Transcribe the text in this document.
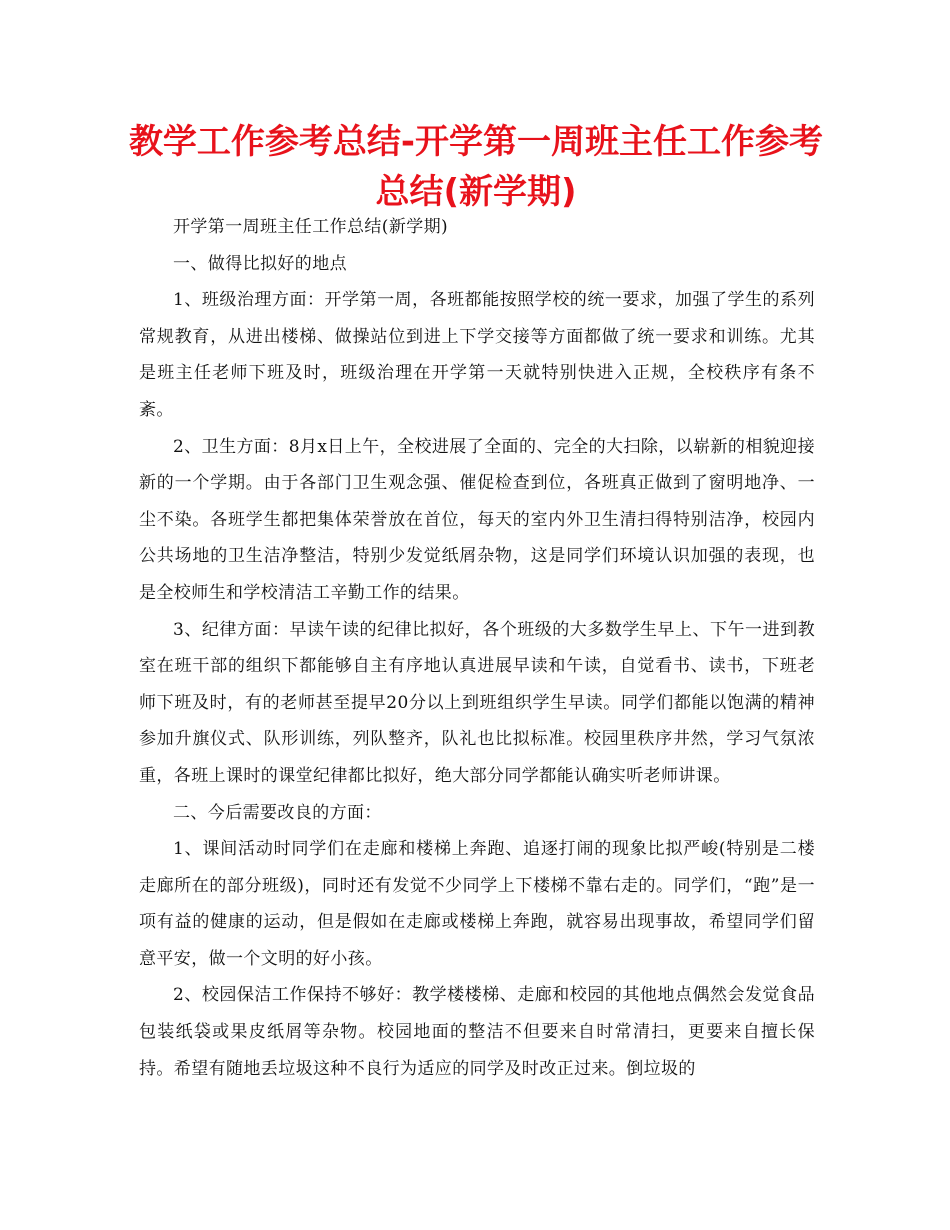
教学工作参考总结-开学第一周班主任工作参考总结(新学期)

开学第一周班主任工作总结(新学期)

一、做得比拟好的地点

1、班级治理方面：开学第一周，各班都能按照学校的统一要求，加强了学生的系列常规教育，从进出楼梯、做操站位到进上下学交接等方面都做了统一要求和训练。尤其是班主任老师下班及时，班级治理在开学第一天就特别快进入正规，全校秩序有条不紊。

2、卫生方面：8月x日上午，全校进展了全面的、完全的大扫除，以崭新的相貌迎接新的一个学期。由于各部门卫生观念强、催促检查到位，各班真正做到了窗明地净、一尘不染。各班学生都把集体荣誉放在首位，每天的室内外卫生清扫得特别洁净，校园内公共场地的卫生洁净整洁，特别少发觉纸屑杂物，这是同学们环境认识加强的表现，也是全校师生和学校清洁工辛勤工作的结果。

3、纪律方面：早读午读的纪律比拟好，各个班级的大多数学生早上、下午一进到教室在班干部的组织下都能够自主有序地认真进展早读和午读，自觉看书、读书，下班老师下班及时，有的老师甚至提早20分以上到班组织学生早读。同学们都能以饱满的精神参加升旗仪式、队形训练，列队整齐，队礼也比拟标准。校园里秩序井然，学习气氛浓重，各班上课时的课堂纪律都比拟好，绝大部分同学都能认确实听老师讲课。

二、今后需要改良的方面：

1、课间活动时同学们在走廊和楼梯上奔跑、追逐打闹的现象比拟严峻(特别是二楼走廊所在的部分班级)，同时还有发觉不少同学上下楼梯不靠右走的。同学们，“跑”是一项有益的健康的运动，但是假如在走廊或楼梯上奔跑，就容易出现事故，希望同学们留意平安，做一个文明的好小孩。

2、校园保洁工作保持不够好：教学楼楼梯、走廊和校园的其他地点偶然会发觉食品包装纸袋或果皮纸屑等杂物。校园地面的整洁不但要来自时常清扫，更要来自擅长保持。希望有随地丢垃圾这种不良行为适应的同学及时改正过来。倒垃圾的
